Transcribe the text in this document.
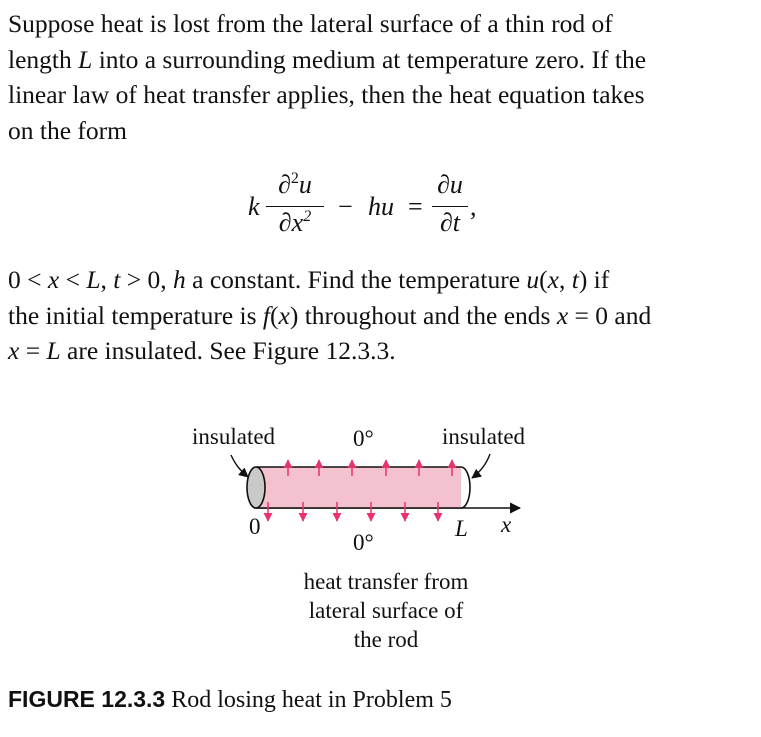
Suppose heat is lost from the lateral surface of a thin rod of

length L into a surrounding medium at temperature zero. If the

linear law of heat transfer applies, then the heat equation takes

on the form

k
∂$^2$u
$\partial x^2$	− hu =
∂u
∂t
,

0 < x < L, t > 0, h a constant. Find the temperature u(x, t) if

the initial temperature is f(x) throughout and the ends x = 0 and

x = L are insulated. See Figure 12.3.3.

insulated	0°	insulated
0
0°
L x
heat transfer from
lateral surface of
the rod
FIGURE 12.3.3 Rod losing heat in Problem 5
